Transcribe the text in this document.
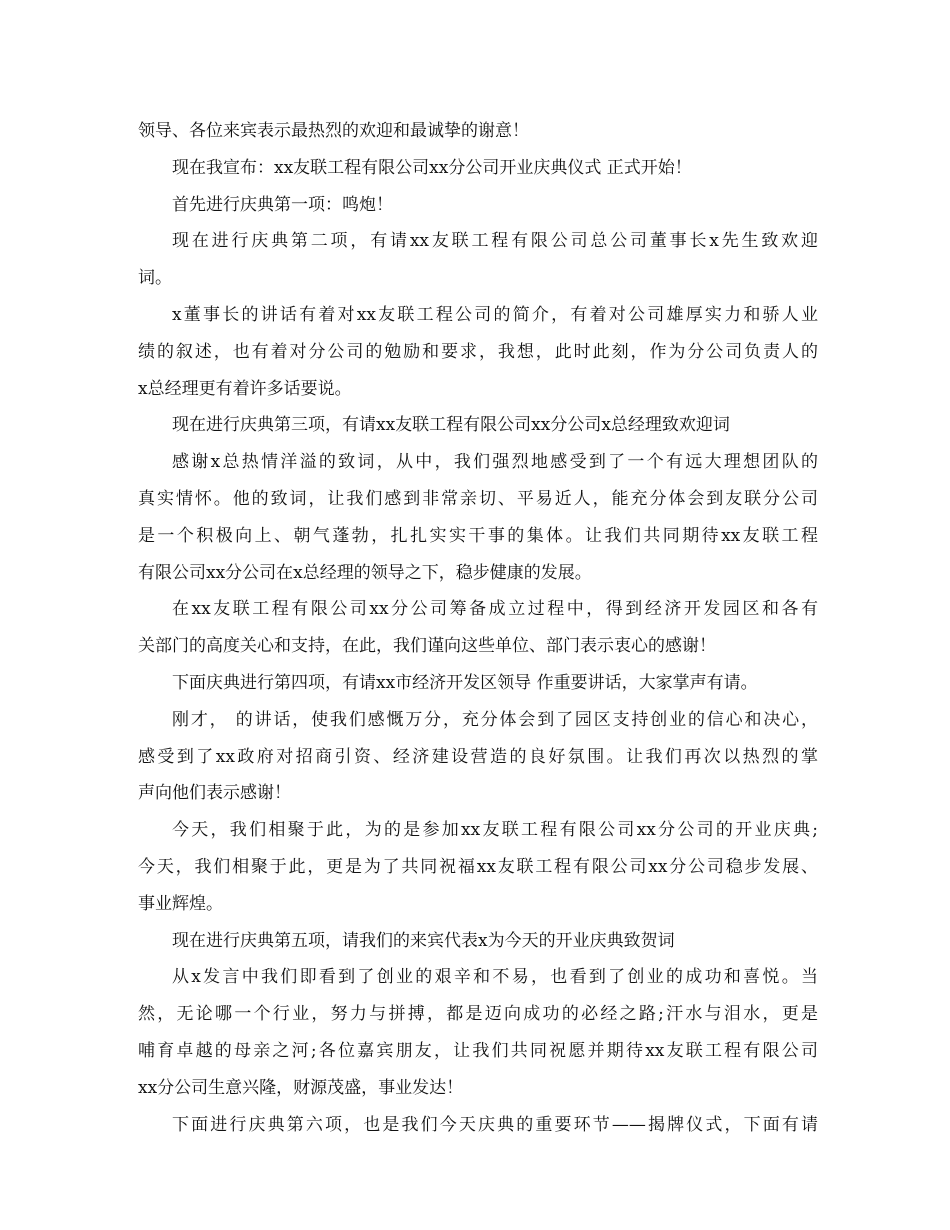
领导、各位来宾表示最热烈的欢迎和最诚挚的谢意！
现在我宣布：xx友联工程有限公司xx分公司开业庆典仪式 正式开始！
首先进行庆典第一项：鸣炮！
现在进行庆典第二项，有请xx友联工程有限公司总公司董事长x先生致欢迎
词。
x董事长的讲话有着对xx友联工程公司的简介，有着对公司雄厚实力和骄人业
绩的叙述，也有着对分公司的勉励和要求，我想，此时此刻，作为分公司负责人的
x总经理更有着许多话要说。
现在进行庆典第三项，有请xx友联工程有限公司xx分公司x总经理致欢迎词
感谢x总热情洋溢的致词，从中，我们强烈地感受到了一个有远大理想团队的
真实情怀。他的致词，让我们感到非常亲切、平易近人，能充分体会到友联分公司
是一个积极向上、朝气蓬勃，扎扎实实干事的集体。让我们共同期待xx友联工程
有限公司xx分公司在x总经理的领导之下，稳步健康的发展。
在xx友联工程有限公司xx分公司筹备成立过程中，得到经济开发园区和各有
关部门的高度关心和支持，在此，我们谨向这些单位、部门表示衷心的感谢！
下面庆典进行第四项，有请xx市经济开发区领导 作重要讲话，大家掌声有请。
刚才， 的讲话，使我们感慨万分，充分体会到了园区支持创业的信心和决心，
感受到了xx政府对招商引资、经济建设营造的良好氛围。让我们再次以热烈的掌
声向他们表示感谢！
今天，我们相聚于此，为的是参加xx友联工程有限公司xx分公司的开业庆典;
今天，我们相聚于此，更是为了共同祝福xx友联工程有限公司xx分公司稳步发展、
事业辉煌。
现在进行庆典第五项，请我们的来宾代表x为今天的开业庆典致贺词
从x发言中我们即看到了创业的艰辛和不易，也看到了创业的成功和喜悦。当
然，无论哪一个行业，努力与拼搏，都是迈向成功的必经之路;汗水与泪水，更是
哺育卓越的母亲之河;各位嘉宾朋友，让我们共同祝愿并期待xx友联工程有限公司
xx分公司生意兴隆，财源茂盛，事业发达！
下面进行庆典第六项，也是我们今天庆典的重要环节——揭牌仪式，下面有请
